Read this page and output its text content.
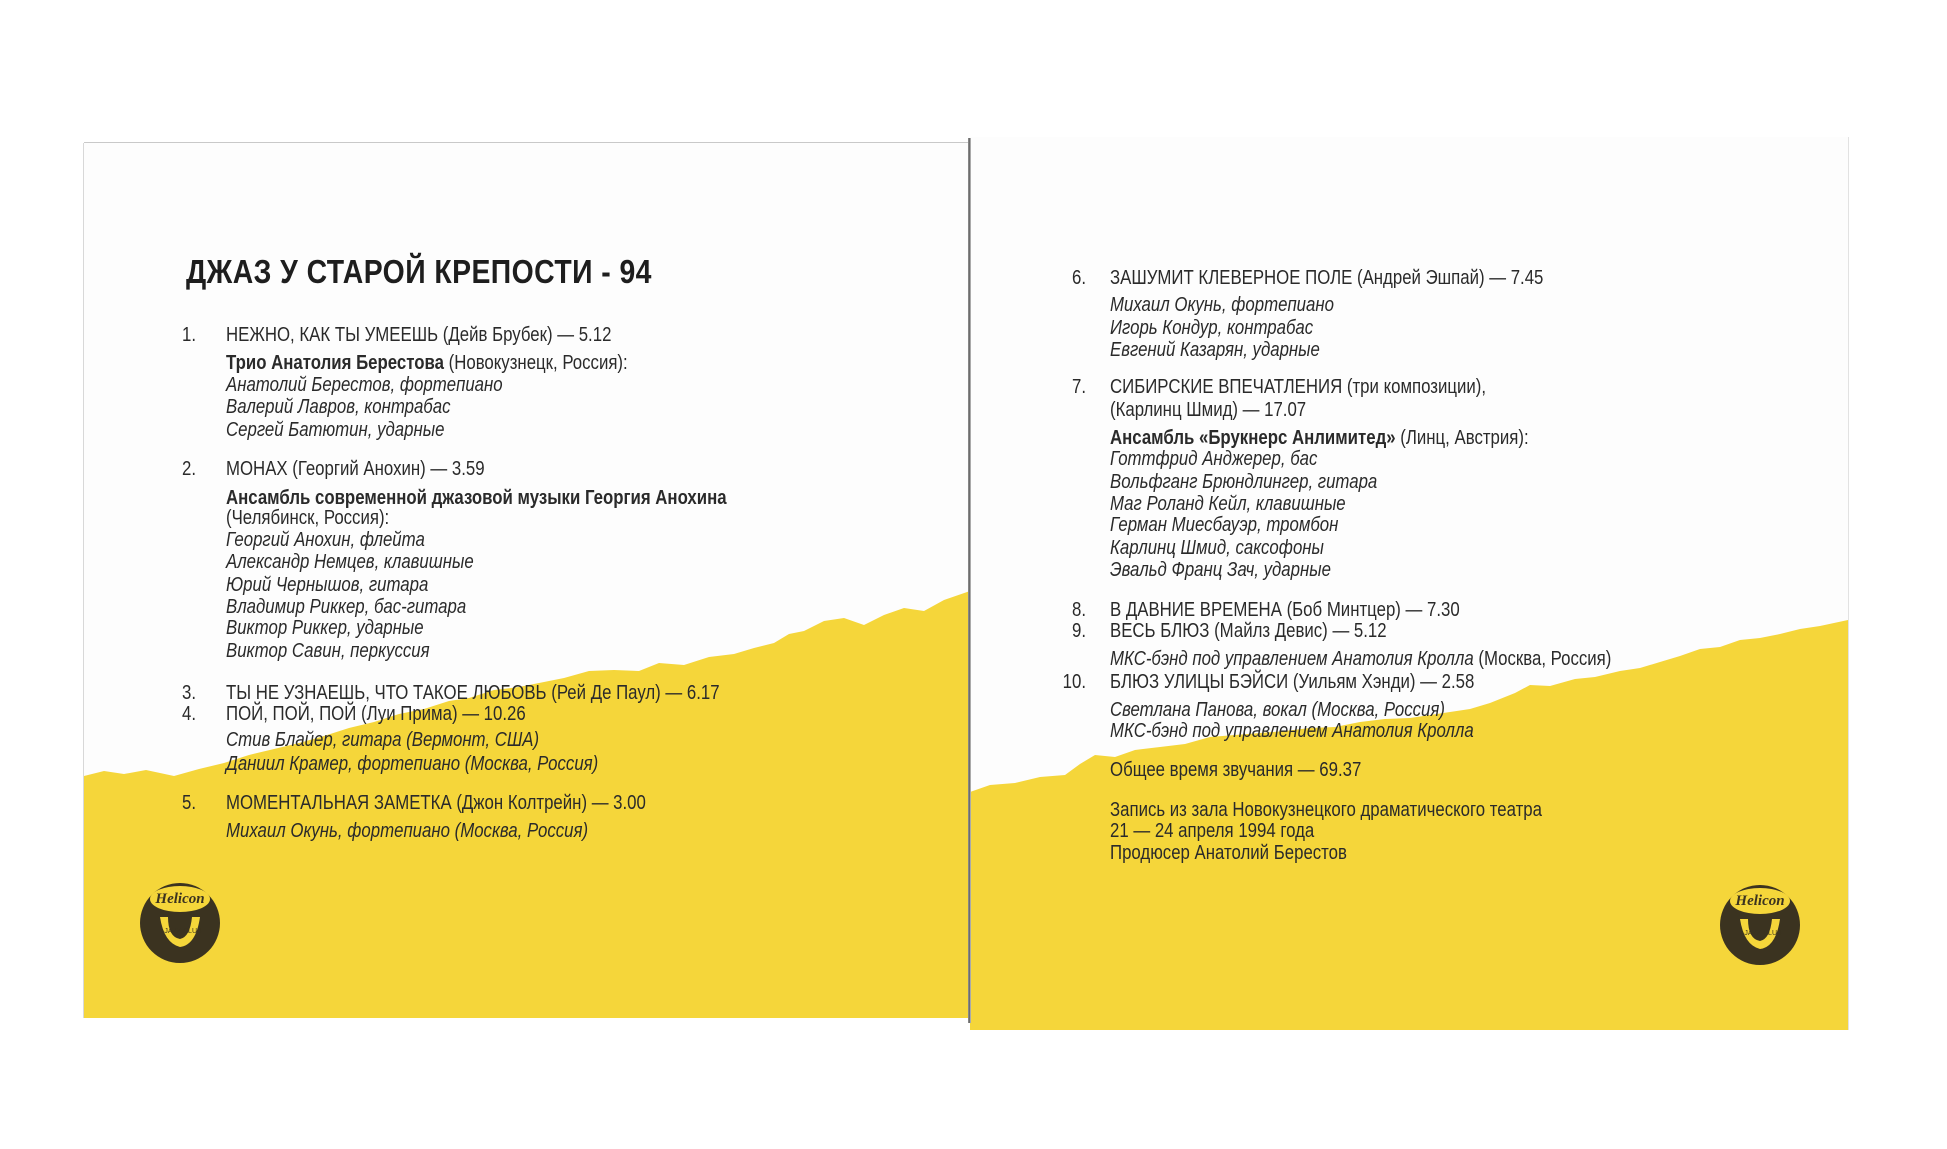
ДЖАЗ У СТАРОЙ КРЕПОСТИ - 94
1. НЕЖНО, КАК ТЫ УМЕЕШЬ (Дейв Брубек) — 5.12
Трио Анатолия Берестова (Новокузнецк, Россия):
Анатолий Берестов, фортепиано
Валерий Лавров, контрабас
Сергей Батютин, ударные
2. МОНАХ (Георгий Анохин) — 3.59
Ансамбль современной джазовой музыки Георгия Анохина
(Челябинск, Россия):
Георгий Анохин, флейта
Александр Немцев, клавишные
Юрий Чернышов, гитара
Владимир Риккер, бас-гитара
Виктор Риккер, ударные
Виктор Савин, перкуссия
3. ТЫ НЕ УЗНАЕШЬ, ЧТО ТАКОЕ ЛЮБОВЬ (Рей Де Паул) — 6.17
4. ПОЙ, ПОЙ, ПОЙ (Луи Прима) — 10.26
Стив Блайер, гитара (Вермонт, США)
Даниил Крамер, фортепиано (Москва, Россия)
5. МОМЕНТАЛЬНАЯ ЗАМЕТКА (Джон Колтрейн) — 3.00
Михаил Окунь, фортепиано (Москва, Россия)
Helicon
JAZZ CLUB
6. ЗАШУМИТ КЛЕВЕРНОЕ ПОЛЕ (Андрей Эшпай) — 7.45
Михаил Окунь, фортепиано
Игорь Кондур, контрабас
Евгений Казарян, ударные
7. СИБИРСКИЕ ВПЕЧАТЛЕНИЯ (три композиции),
(Карлинц Шмид) — 17.07
Ансамбль «Брукнерс Анлимитед» (Линц, Австрия):
Готтфрид Анджерер, бас
Вольфганг Брюндлингер, гитара
Маг Роланд Кейл, клавишные
Герман Миесбауэр, тромбон
Карлинц Шмид, саксофоны
Эвальд Франц Зач, ударные
8. В ДАВНИЕ ВРЕМЕНА (Боб Минтцер) — 7.30
9. ВЕСЬ БЛЮЗ (Майлз Девис) — 5.12
МКС-бэнд под управлением Анатолия Кролла (Москва, Россия)
10. БЛЮЗ УЛИЦЫ БЭЙСИ (Уильям Хэнди) — 2.58
Светлана Панова, вокал (Москва, Россия)
МКС-бэнд под управлением Анатолия Кролла
Общее время звучания — 69.37
Запись из зала Новокузнецкого драматического театра
21 — 24 апреля 1994 года
Продюсер Анатолий Берестов
Helicon
JAZZ CLUB
